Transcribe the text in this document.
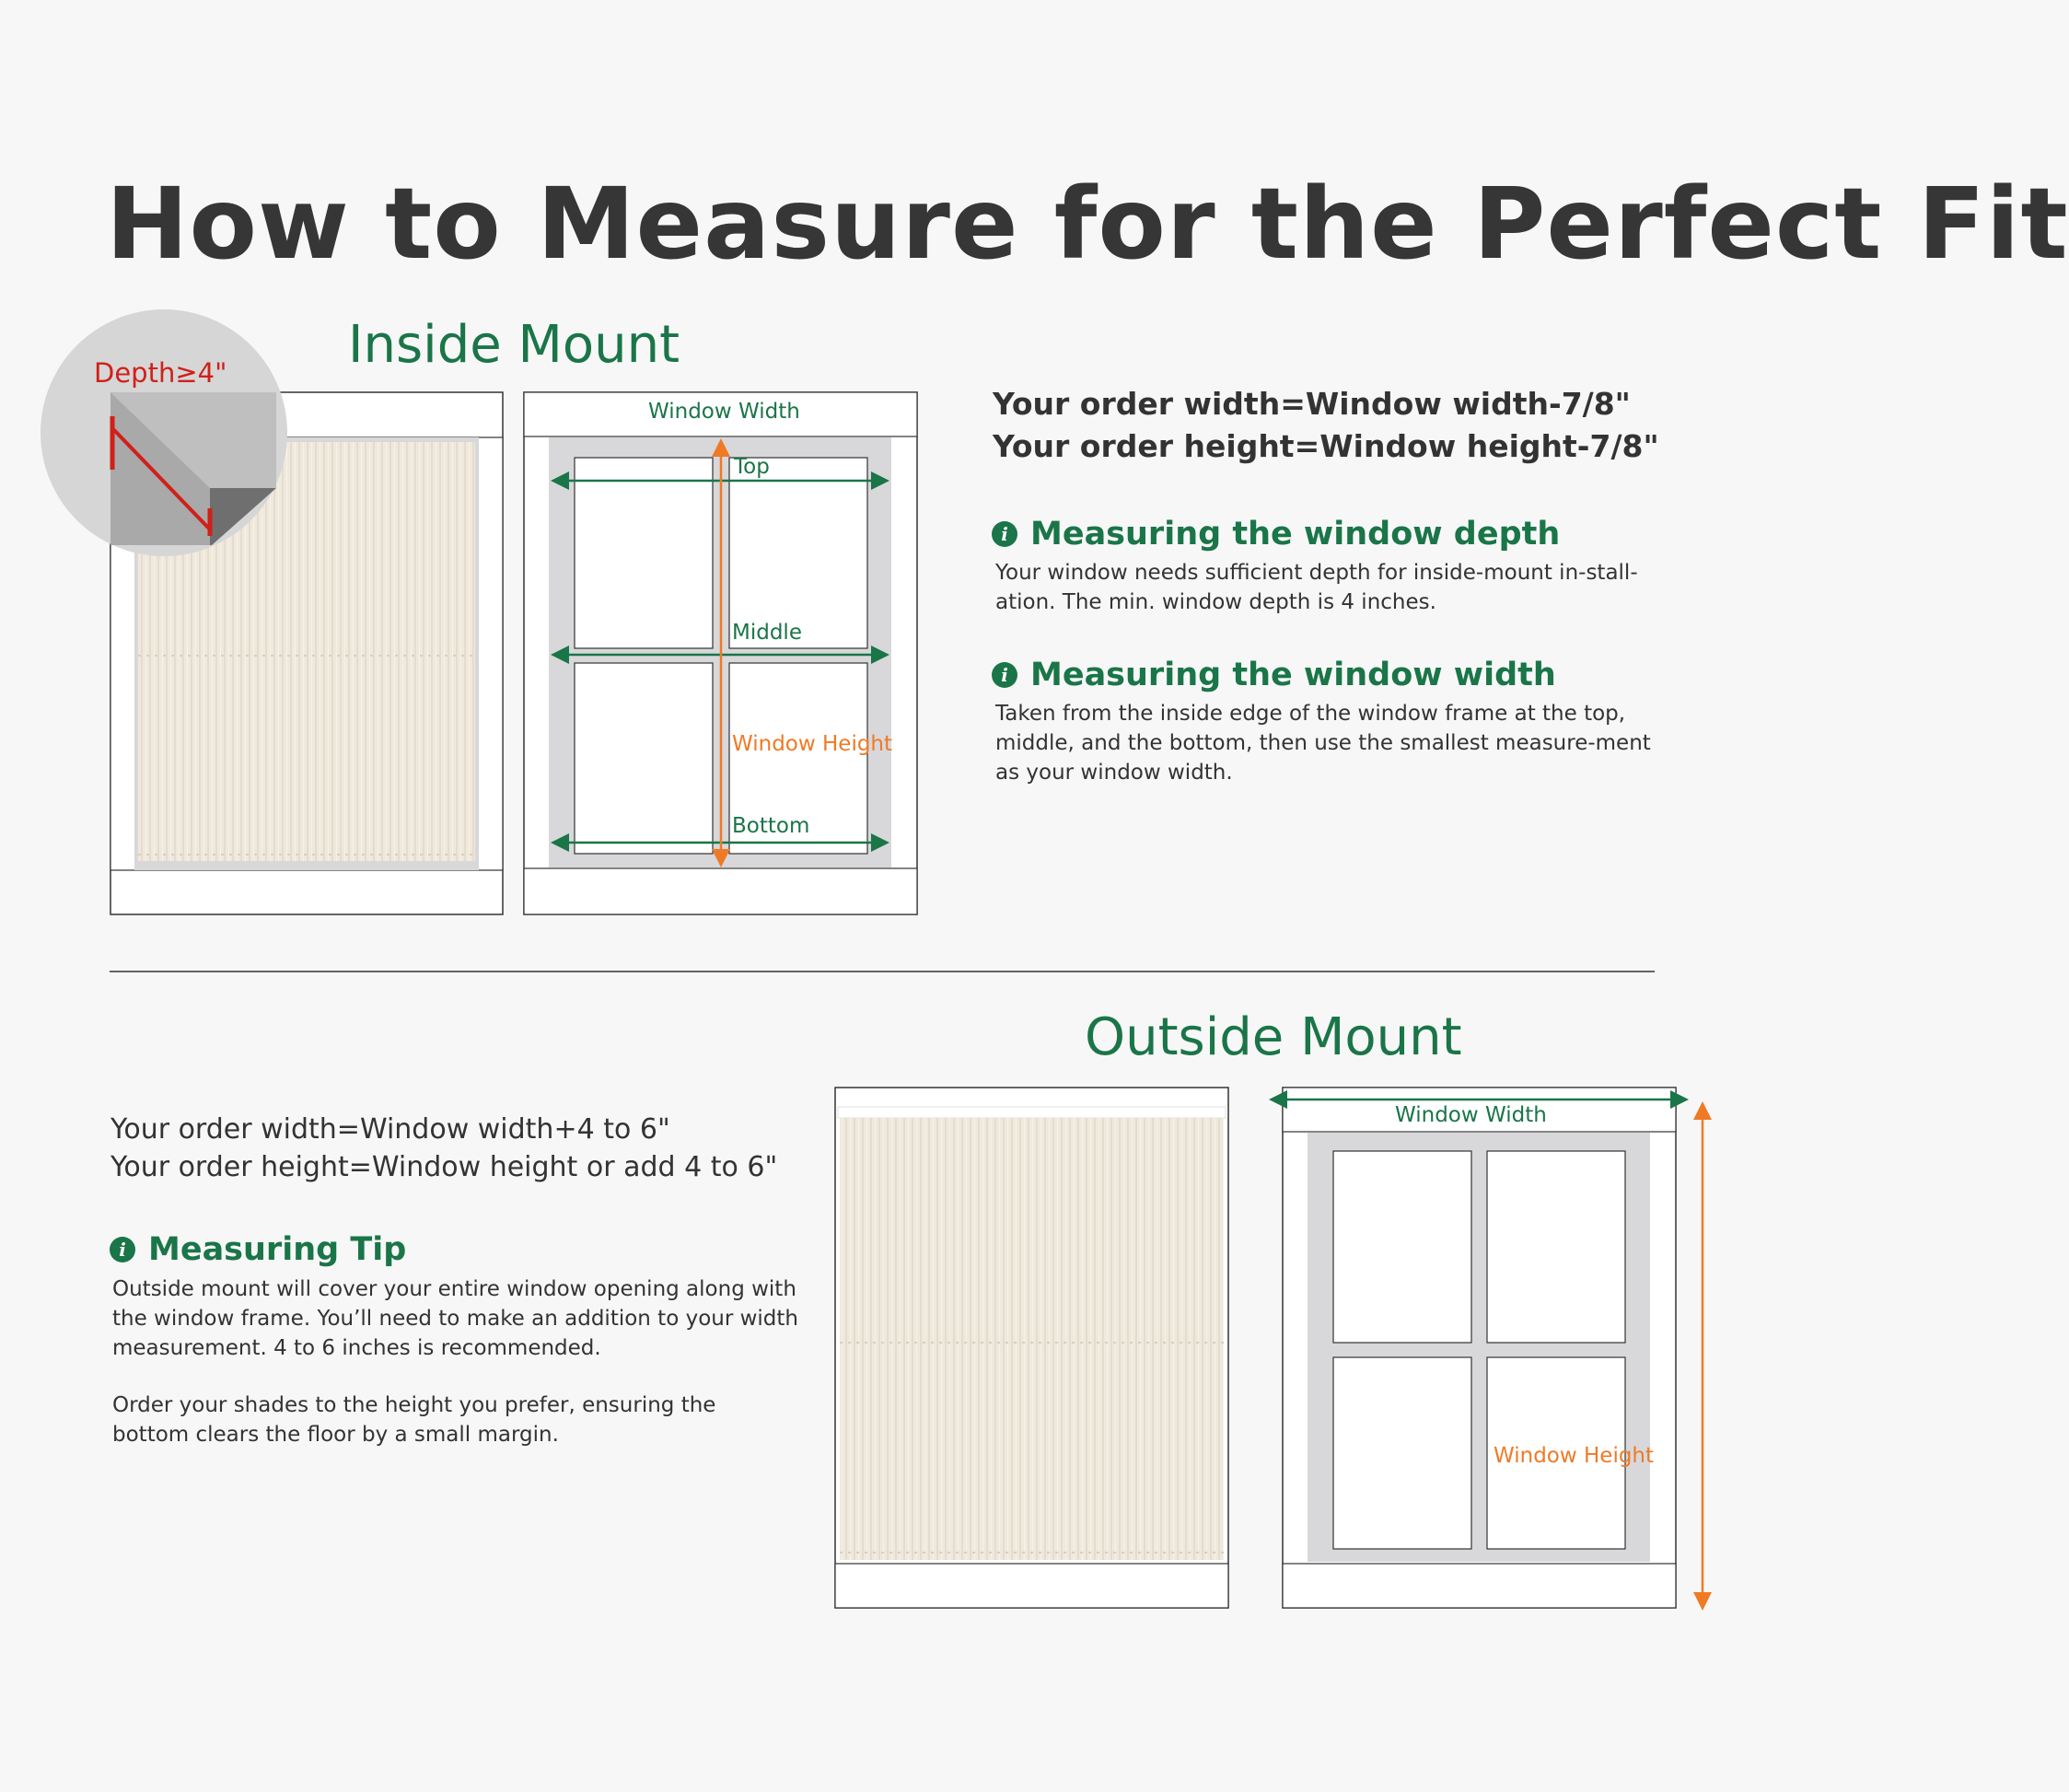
How to Measure for the Perfect Fit
Inside Mount
Depth≥4"
Window Width
Top
Middle
Window Height
Bottom
Your order width=Window width-7/8"
Your order height=Window height-7/8"
i Measuring the window depth
Your window needs sufficient depth for inside-mount in-stall-ation. The min. window depth is 4 inches.
i Measuring the window width
Taken from the inside edge of the window frame at the top, middle, and the bottom, then use the smallest measure-ment as your window width.
Outside Mount
Your order width=Window width+4 to 6"
Your order height=Window height or add 4 to 6"
i Measuring Tip
Outside mount will cover your entire window opening along with the window frame. You’ll need to make an addition to your width measurement. 4 to 6 inches is recommended.
Order your shades to the height you prefer, ensuring the bottom clears the floor by a small margin.
Window Width
Window Height
